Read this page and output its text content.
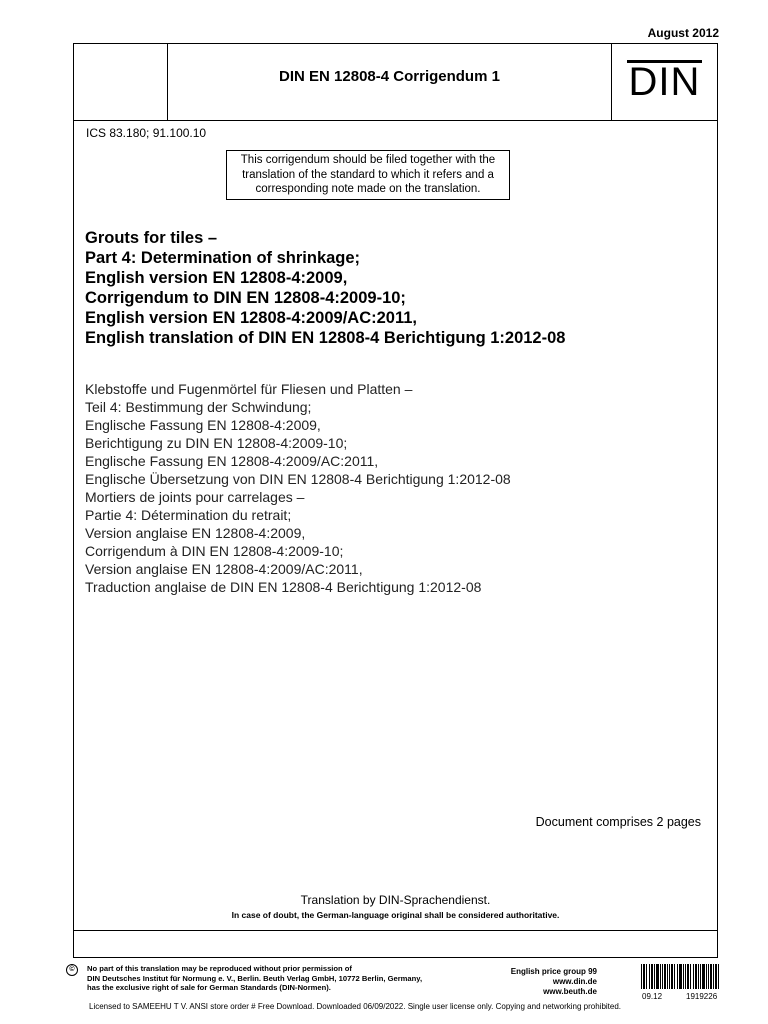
August 2012
DIN EN 12808-4 Corrigendum 1	DIN
ICS 83.180; 91.100.10
This corrigendum should be filed together with the translation of the standard to which it refers and a corresponding note made on the translation.
Grouts for tiles –
Part 4: Determination of shrinkage;
English version EN 12808-4:2009,
Corrigendum to DIN EN 12808-4:2009-10;
English version EN 12808-4:2009/AC:2011,
English translation of DIN EN 12808-4 Berichtigung 1:2012-08
Klebstoffe und Fugenmörtel für Fliesen und Platten –
Teil 4: Bestimmung der Schwindung;
Englische Fassung EN 12808-4:2009,
Berichtigung zu DIN EN 12808-4:2009-10;
Englische Fassung EN 12808-4:2009/AC:2011,
Englische Übersetzung von DIN EN 12808-4 Berichtigung 1:2012-08
Mortiers de joints pour carrelages –
Partie 4: Détermination du retrait;
Version anglaise EN 12808-4:2009,
Corrigendum à DIN EN 12808-4:2009-10;
Version anglaise EN 12808-4:2009/AC:2011,
Traduction anglaise de DIN EN 12808-4 Berichtigung 1:2012-08
Document comprises 2 pages
Translation by DIN-Sprachendienst.
In case of doubt, the German-language original shall be considered authoritative.
©	No part of this translation may be reproduced without prior permission of
DIN Deutsches Institut für Normung e. V., Berlin. Beuth Verlag GmbH, 10772 Berlin, Germany,
has the exclusive right of sale for German Standards (DIN-Normen).
English price group 99
www.din.de
www.beuth.de
09.12	1919226
Licensed to SAMEEHU T V. ANSI store order # Free Download. Downloaded 06/09/2022. Single user license only. Copying and networking prohibited.
